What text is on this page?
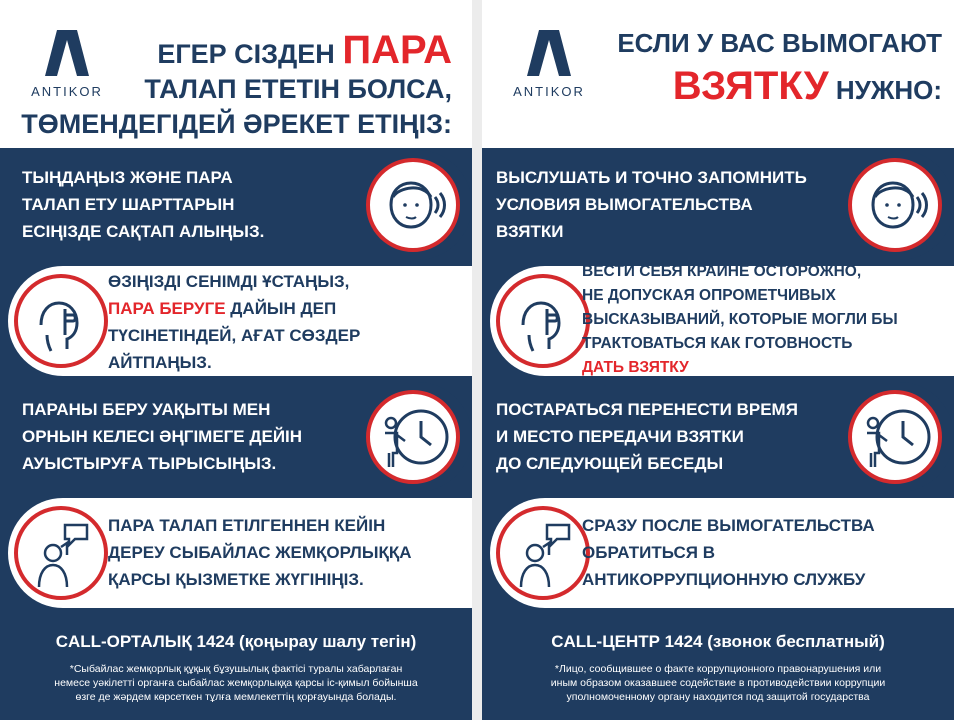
ANTIKOR
ЕГЕР СІЗДЕН ПАРА
ТАЛАП ЕТЕТІН БОЛСА,
ТӨМЕНДЕГІДЕЙ ӘРЕКЕТ ЕТІҢІЗ:
ТЫҢДАҢЫЗ ЖӘНЕ ПАРА
ТАЛАП ЕТУ ШАРТТАРЫН
ЕСІҢІЗДЕ САҚТАП АЛЫҢЫЗ.
ӨЗІҢІЗДІ СЕНІМДІ ҰСТАҢЫЗ,
ПАРА БЕРУГЕ ДАЙЫН ДЕП
ТҮСІНЕТІНДЕЙ, АҒАТ СӨЗДЕР
АЙТПАҢЫЗ.
ПАРАНЫ БЕРУ УАҚЫТЫ МЕН
ОРНЫН КЕЛЕСІ ӘҢГІМЕГЕ ДЕЙІН
АУЫСТЫРУҒА ТЫРЫСЫҢЫЗ.
ПАРА ТАЛАП ЕТІЛГЕННЕН КЕЙІН
ДЕРЕУ СЫБАЙЛАС ЖЕМҚОРЛЫҚҚА
ҚАРСЫ ҚЫЗМЕТКЕ ЖҮГІНІҢІЗ.
CALL-ОРТАЛЫҚ 1424 (қоңырау шалу тегін)
*Сыбайлас жемқорлық құқық бұзушылық фактісі туралы хабарлаған
немесе уәкілетті органға сыбайлас жемқорлыққа қарсы іс-қимыл бойынша
өзге де жәрдем көрсеткен тұлға мемлекеттің қорғауында болады.
ANTIKOR
ЕСЛИ У ВАС ВЫМОГАЮТ
ВЗЯТКУ НУЖНО:
ВЫСЛУШАТЬ И ТОЧНО ЗАПОМНИТЬ
УСЛОВИЯ ВЫМОГАТЕЛЬСТВА
ВЗЯТКИ
ВЕСТИ СЕБЯ КРАЙНЕ ОСТОРОЖНО,
НЕ ДОПУСКАЯ ОПРОМЕТЧИВЫХ
ВЫСКАЗЫВАНИЙ, КОТОРЫЕ МОГЛИ БЫ
ТРАКТОВАТЬСЯ КАК ГОТОВНОСТЬ
ДАТЬ ВЗЯТКУ
ПОСТАРАТЬСЯ ПЕРЕНЕСТИ ВРЕМЯ
И МЕСТО ПЕРЕДАЧИ ВЗЯТКИ
ДО СЛЕДУЮЩЕЙ БЕСЕДЫ
СРАЗУ ПОСЛЕ ВЫМОГАТЕЛЬСТВА
ОБРАТИТЬСЯ В
АНТИКОРРУПЦИОННУЮ СЛУЖБУ
CALL-ЦЕНТР 1424 (звонок бесплатный)
*Лицо, сообщившее о факте коррупционного правонарушения или
иным образом оказавшее содействие в противодействии коррупции
уполномоченному органу находится под защитой государства
